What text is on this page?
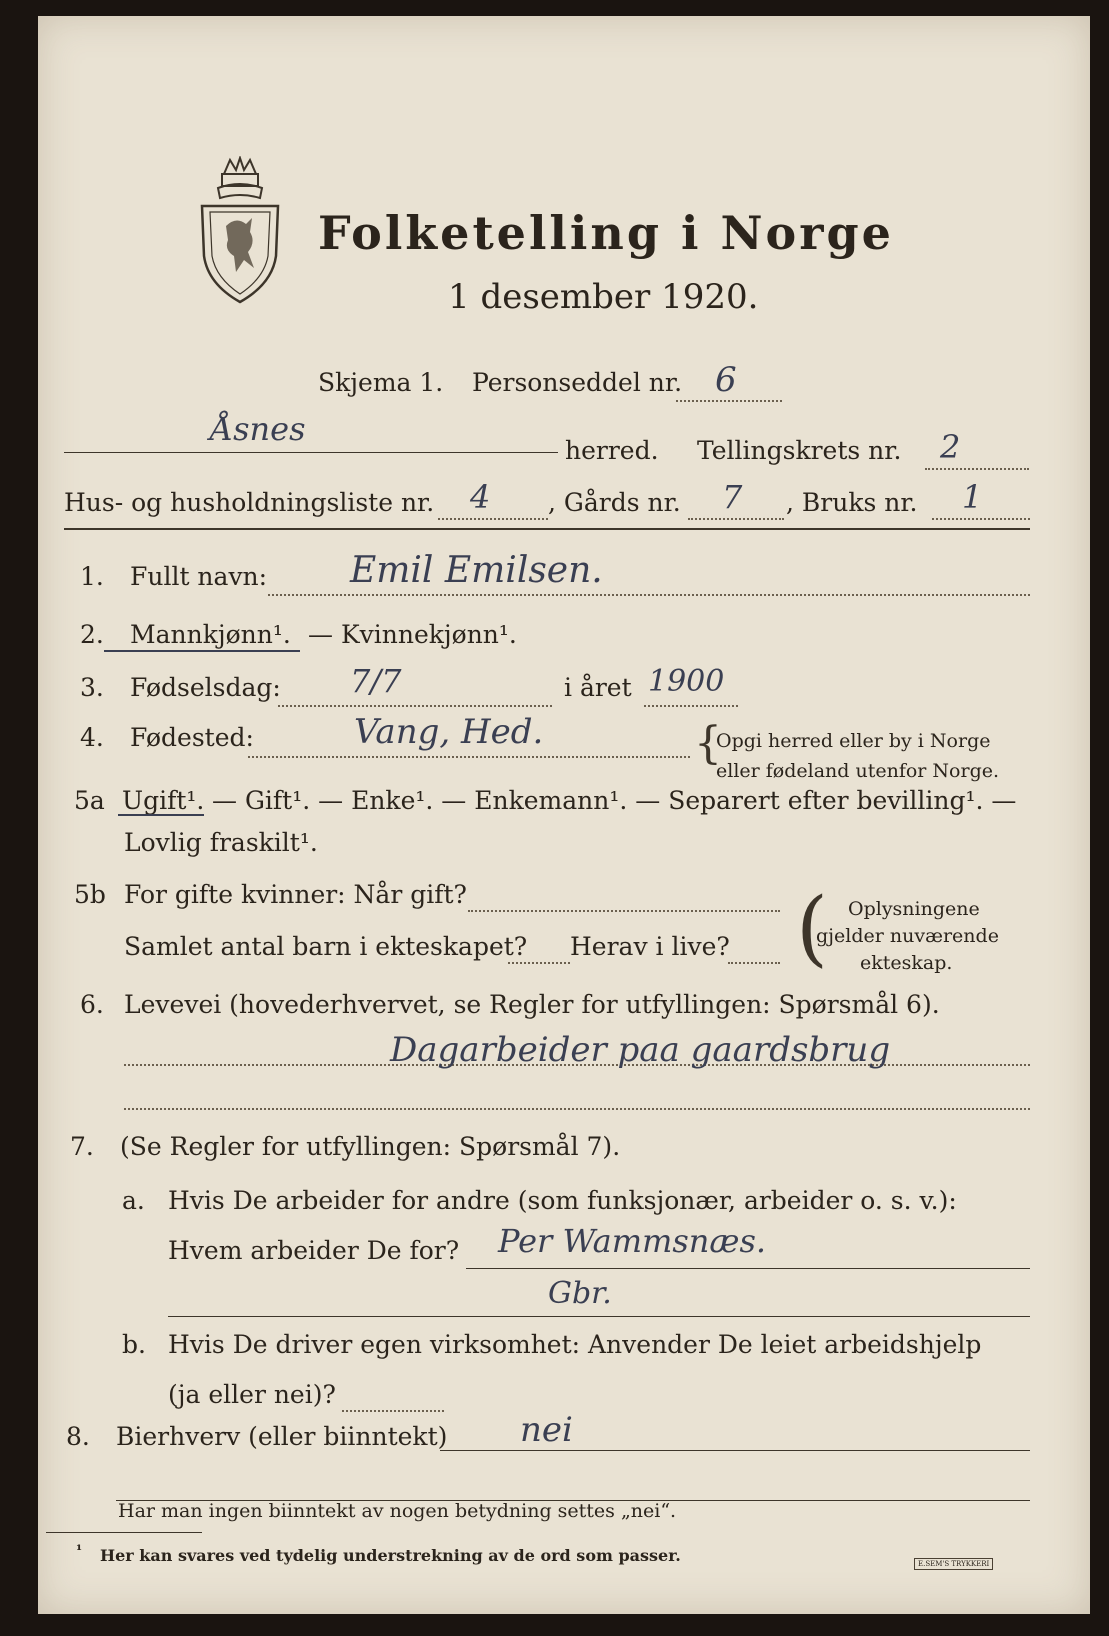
Folketelling i Norge
1 desember 1920.
Skjema 1. Personseddel nr. 6
Åsnes
herred. Tellingskrets nr. 2
Hus- og husholdningsliste nr. 4 , Gårds nr. 7 , Bruks nr. 1
1. Fullt navn: Emil Emilsen.
2. Mannkjønn¹. — Kvinnekjønn¹.
3. Fødselsdag: 7/7	i året 1900
4. Fødested:	Vang, Hed.	{
Opgi herred eller by i Norge
eller fødeland utenfor Norge.
5a Ugift¹. — Gift¹. — Enke¹. — Enkemann¹. — Separert efter bevilling¹. —
Lovlig fraskilt¹.
5b For gifte kvinner: Når gift?
Samlet antal barn i ekteskapet? Herav i live? ( Oplysningene
gjelder nuværende
ekteskap.
6. Levevei (hovederhvervet, se Regler for utfyllingen: Spørsmål 6).
Dagarbeider paa gaardsbrug
7. (Se Regler for utfyllingen: Spørsmål 7).
a. Hvis De arbeider for andre (som funksjonær, arbeider o. s. v.):
Hvem arbeider De for? Per Wammsnæs.
Gbr.
b. Hvis De driver egen virksomhet: Anvender De leiet arbeidshjelp
(ja eller nei)?
8. Bierhverv (eller biinntekt) nei
Har man ingen biinntekt av nogen betydning settes „nei“.
¹ Her kan svares ved tydelig understrekning av de ord som passer.	E.SEM'S TRYKKERI
